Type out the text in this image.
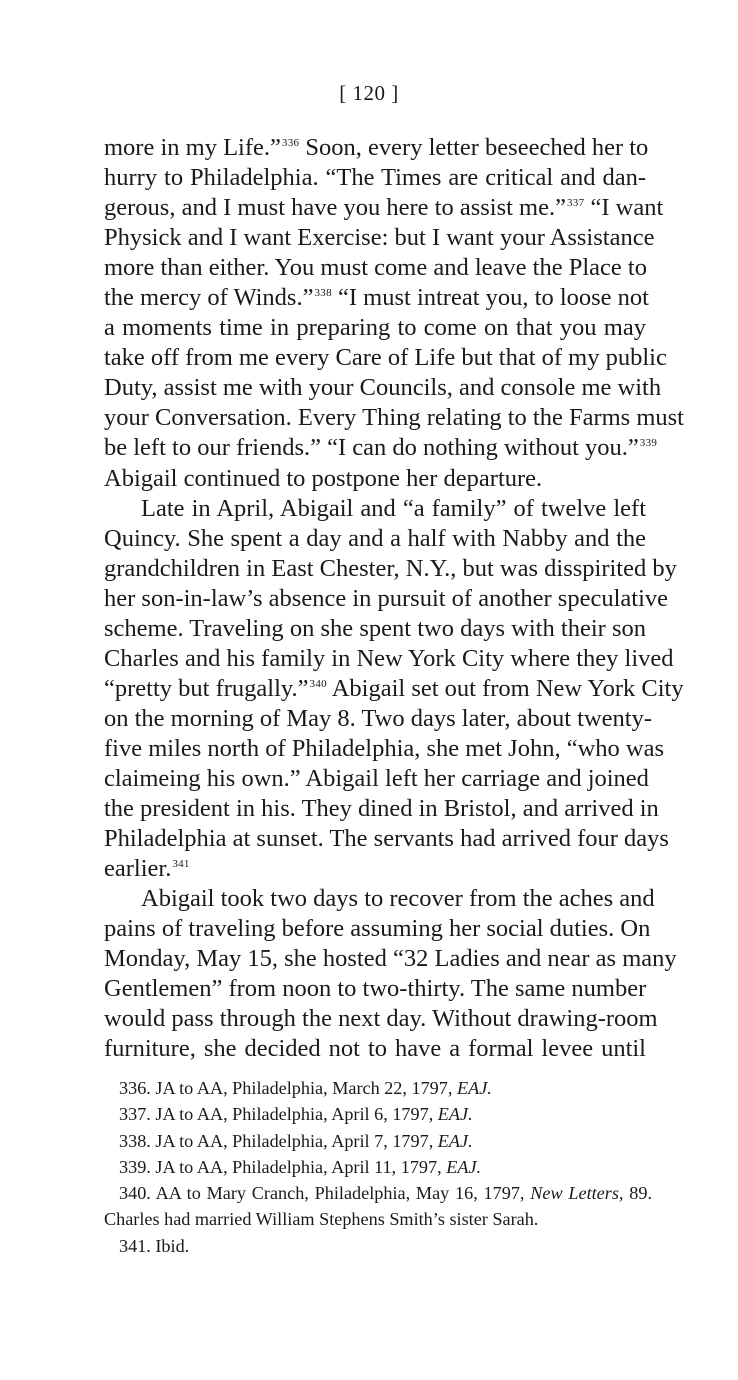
[ 120 ]
more in my Life.”$^{336}$ Soon, every letter beseeched her to
hurry to Philadelphia. “The Times are critical and dan-
gerous, and I must have you here to assist me.”$^{337}$ “I want
Physick and I want Exercise: but I want your Assistance
more than either. You must come and leave the Place to
the mercy of Winds.”$^{338}$ “I must intreat you, to loose not
a moments time in preparing to come on that you may
take off from me every Care of Life but that of my public
Duty, assist me with your Councils, and console me with
your Conversation. Every Thing relating to the Farms must
be left to our friends.” “I can do nothing without you.”$^{339}$
Abigail continued to postpone her departure.
Late in April, Abigail and “a family” of twelve left
Quincy. She spent a day and a half with Nabby and the
grandchildren in East Chester, N.Y., but was disspirited by
her son-in-law’s absence in pursuit of another speculative
scheme. Traveling on she spent two days with their son
Charles and his family in New York City where they lived
“pretty but frugally.”$^{340}$ Abigail set out from New York City
on the morning of May 8. Two days later, about twenty-
five miles north of Philadelphia, she met John, “who was
claimeing his own.” Abigail left her carriage and joined
the president in his. They dined in Bristol, and arrived in
Philadelphia at sunset. The servants had arrived four days
earlier.$^{341}$
Abigail took two days to recover from the aches and
pains of traveling before assuming her social duties. On
Monday, May 15, she hosted “32 Ladies and near as many
Gentlemen” from noon to two-thirty. The same number
would pass through the next day. Without drawing-room
furniture, she decided not to have a formal levee until
336. JA to AA, Philadelphia, March 22, 1797, EAJ.
337. JA to AA, Philadelphia, April 6, 1797, EAJ.
338. JA to AA, Philadelphia, April 7, 1797, EAJ.
339. JA to AA, Philadelphia, April 11, 1797, EAJ.
340. AA to Mary Cranch, Philadelphia, May 16, 1797, New Letters, 89.
Charles had married William Stephens Smith’s sister Sarah.
341. Ibid.
